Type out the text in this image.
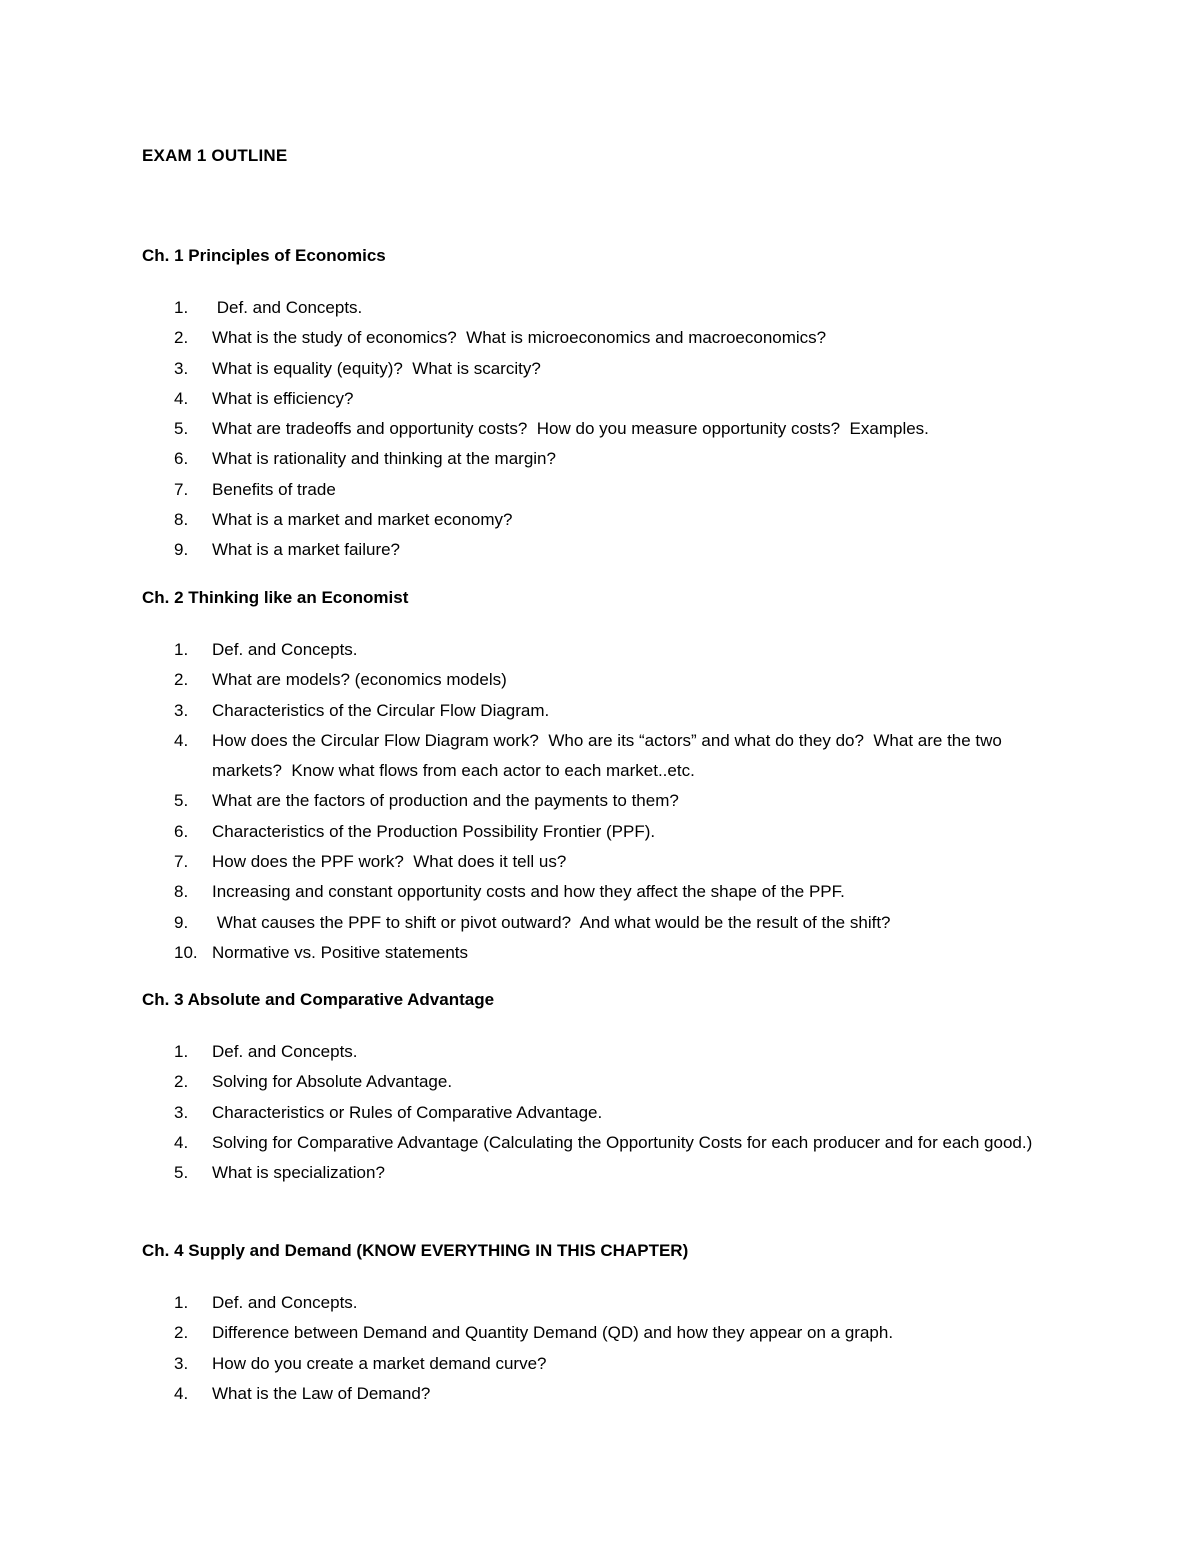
EXAM 1 OUTLINE
Ch. 1 Principles of Economics
1. Def. and Concepts.
2. What is the study of economics?  What is microeconomics and macroeconomics?
3. What is equality (equity)?  What is scarcity?
4. What is efficiency?
5. What are tradeoffs and opportunity costs?  How do you measure opportunity costs?  Examples.
6. What is rationality and thinking at the margin?
7. Benefits of trade
8. What is a market and market economy?
9. What is a market failure?
Ch. 2 Thinking like an Economist
1. Def. and Concepts.
2. What are models? (economics models)
3. Characteristics of the Circular Flow Diagram.
4. How does the Circular Flow Diagram work?  Who are its “actors” and what do they do?  What are the two markets?  Know what flows from each actor to each market..etc.
5. What are the factors of production and the payments to them?
6. Characteristics of the Production Possibility Frontier (PPF).
7. How does the PPF work?  What does it tell us?
8. Increasing and constant opportunity costs and how they affect the shape of the PPF.
9. What causes the PPF to shift or pivot outward?  And what would be the result of the shift?
10. Normative vs. Positive statements
Ch. 3 Absolute and Comparative Advantage
1. Def. and Concepts.
2. Solving for Absolute Advantage.
3. Characteristics or Rules of Comparative Advantage.
4. Solving for Comparative Advantage (Calculating the Opportunity Costs for each producer and for each good.)
5. What is specialization?
Ch. 4 Supply and Demand (KNOW EVERYTHING IN THIS CHAPTER)
1. Def. and Concepts.
2. Difference between Demand and Quantity Demand (QD) and how they appear on a graph.
3. How do you create a market demand curve?
4. What is the Law of Demand?
